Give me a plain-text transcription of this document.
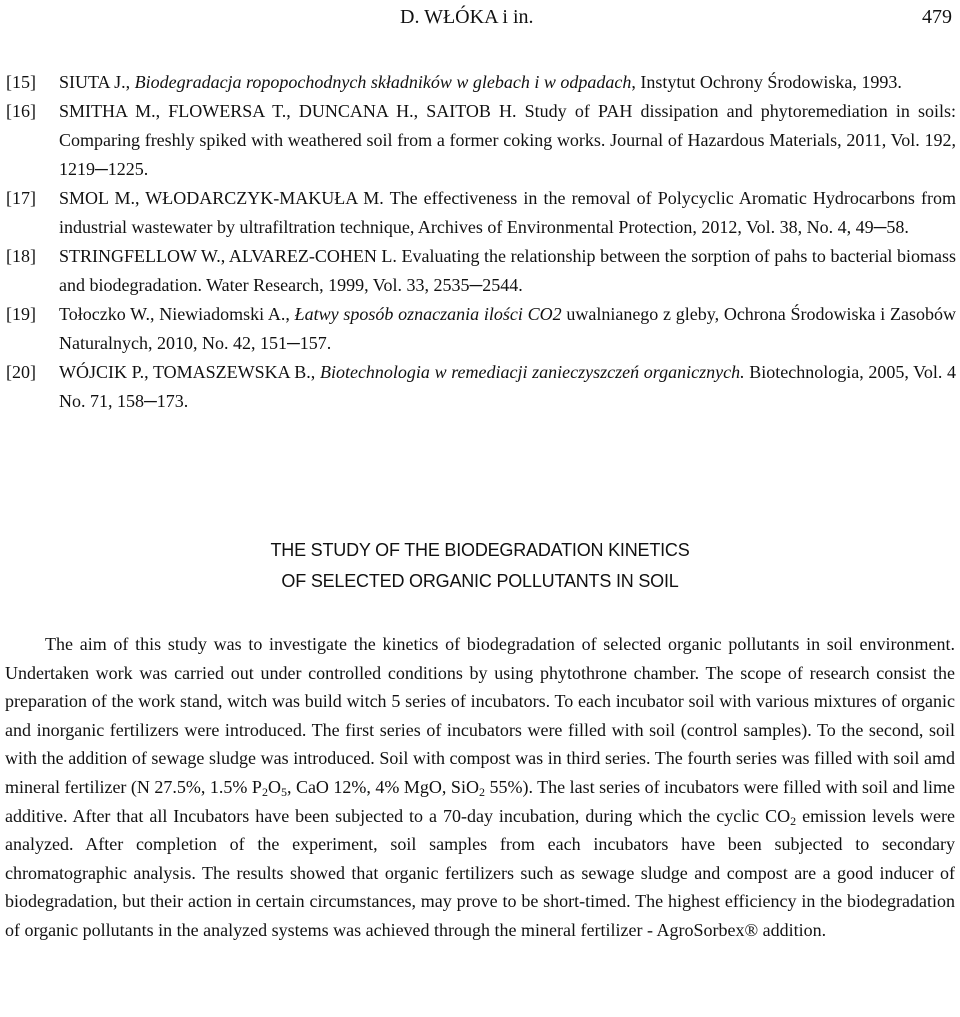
D. WŁÓKA i in.	479
[15] SIUTA J., Biodegradacja ropopochodnych składników w glebach i w odpadach, Instytut Ochrony Środowiska, 1993.
[16] SMITHA M., FLOWERSA T., DUNCANA H., SAITOB H. Study of PAH dissipation and phytoremediation in soils: Comparing freshly spiked with weathered soil from a former coking works. Journal of Hazardous Materials, 2011, Vol. 192, 1219─1225.
[17] SMOL M., WŁODARCZYK-MAKUŁA M. The effectiveness in the removal of Polycyclic Aromatic Hydrocarbons from industrial wastewater by ultrafiltration technique, Archives of Environmental Protection, 2012, Vol. 38, No. 4, 49─58.
[18] STRINGFELLOW W., ALVAREZ-COHEN L. Evaluating the relationship between the sorption of pahs to bacterial biomass and biodegradation. Water Research, 1999, Vol. 33, 2535─2544.
[19] Tołoczko W., Niewiadomski A., Łatwy sposób oznaczania ilości CO2 uwalnianego z gleby, Ochrona Środowiska i Zasobów Naturalnych, 2010, No. 42, 151─157.
[20] WÓJCIK P., TOMASZEWSKA B., Biotechnologia w remediacji zanieczyszczeń organicznych. Biotechnologia, 2005, Vol. 4 No. 71, 158─173.
THE STUDY OF THE BIODEGRADATION KINETICS
OF SELECTED ORGANIC POLLUTANTS IN SOIL
The aim of this study was to investigate the kinetics of biodegradation of selected organic pollutants in soil environment. Undertaken work was carried out under controlled conditions by using phytothrone chamber. The scope of research consist the preparation of the work stand, witch was build witch 5 series of incubators. To each incubator soil with various mixtures of organic and inorganic fertilizers were introduced. The first series of incubators were filled with soil (control samples). To the second, soil with the addition of sewage sludge was introduced. Soil with compost was in third series. The fourth series was filled with soil amd mineral fertilizer (N 27.5%, 1.5% $P_2O_5$, CaO 12%, 4% MgO, SiO$_2$ 55%). The last series of incubators were filled with soil and lime additive. After that all Incubators have been subjected to a 70-day incubation, during which the cyclic $CO_2$ emission levels were analyzed. After completion of the experiment, soil samples from each incubators have been subjected to secondary chromatographic analysis. The results showed that organic fertilizers such as sewage sludge and compost are a good inducer of biodegradation, but their action in certain circumstances, may prove to be short-timed. The highest efficiency in the biodegradation of organic pollutants in the analyzed systems was achieved through the mineral fertilizer - AgroSorbex® addition.
